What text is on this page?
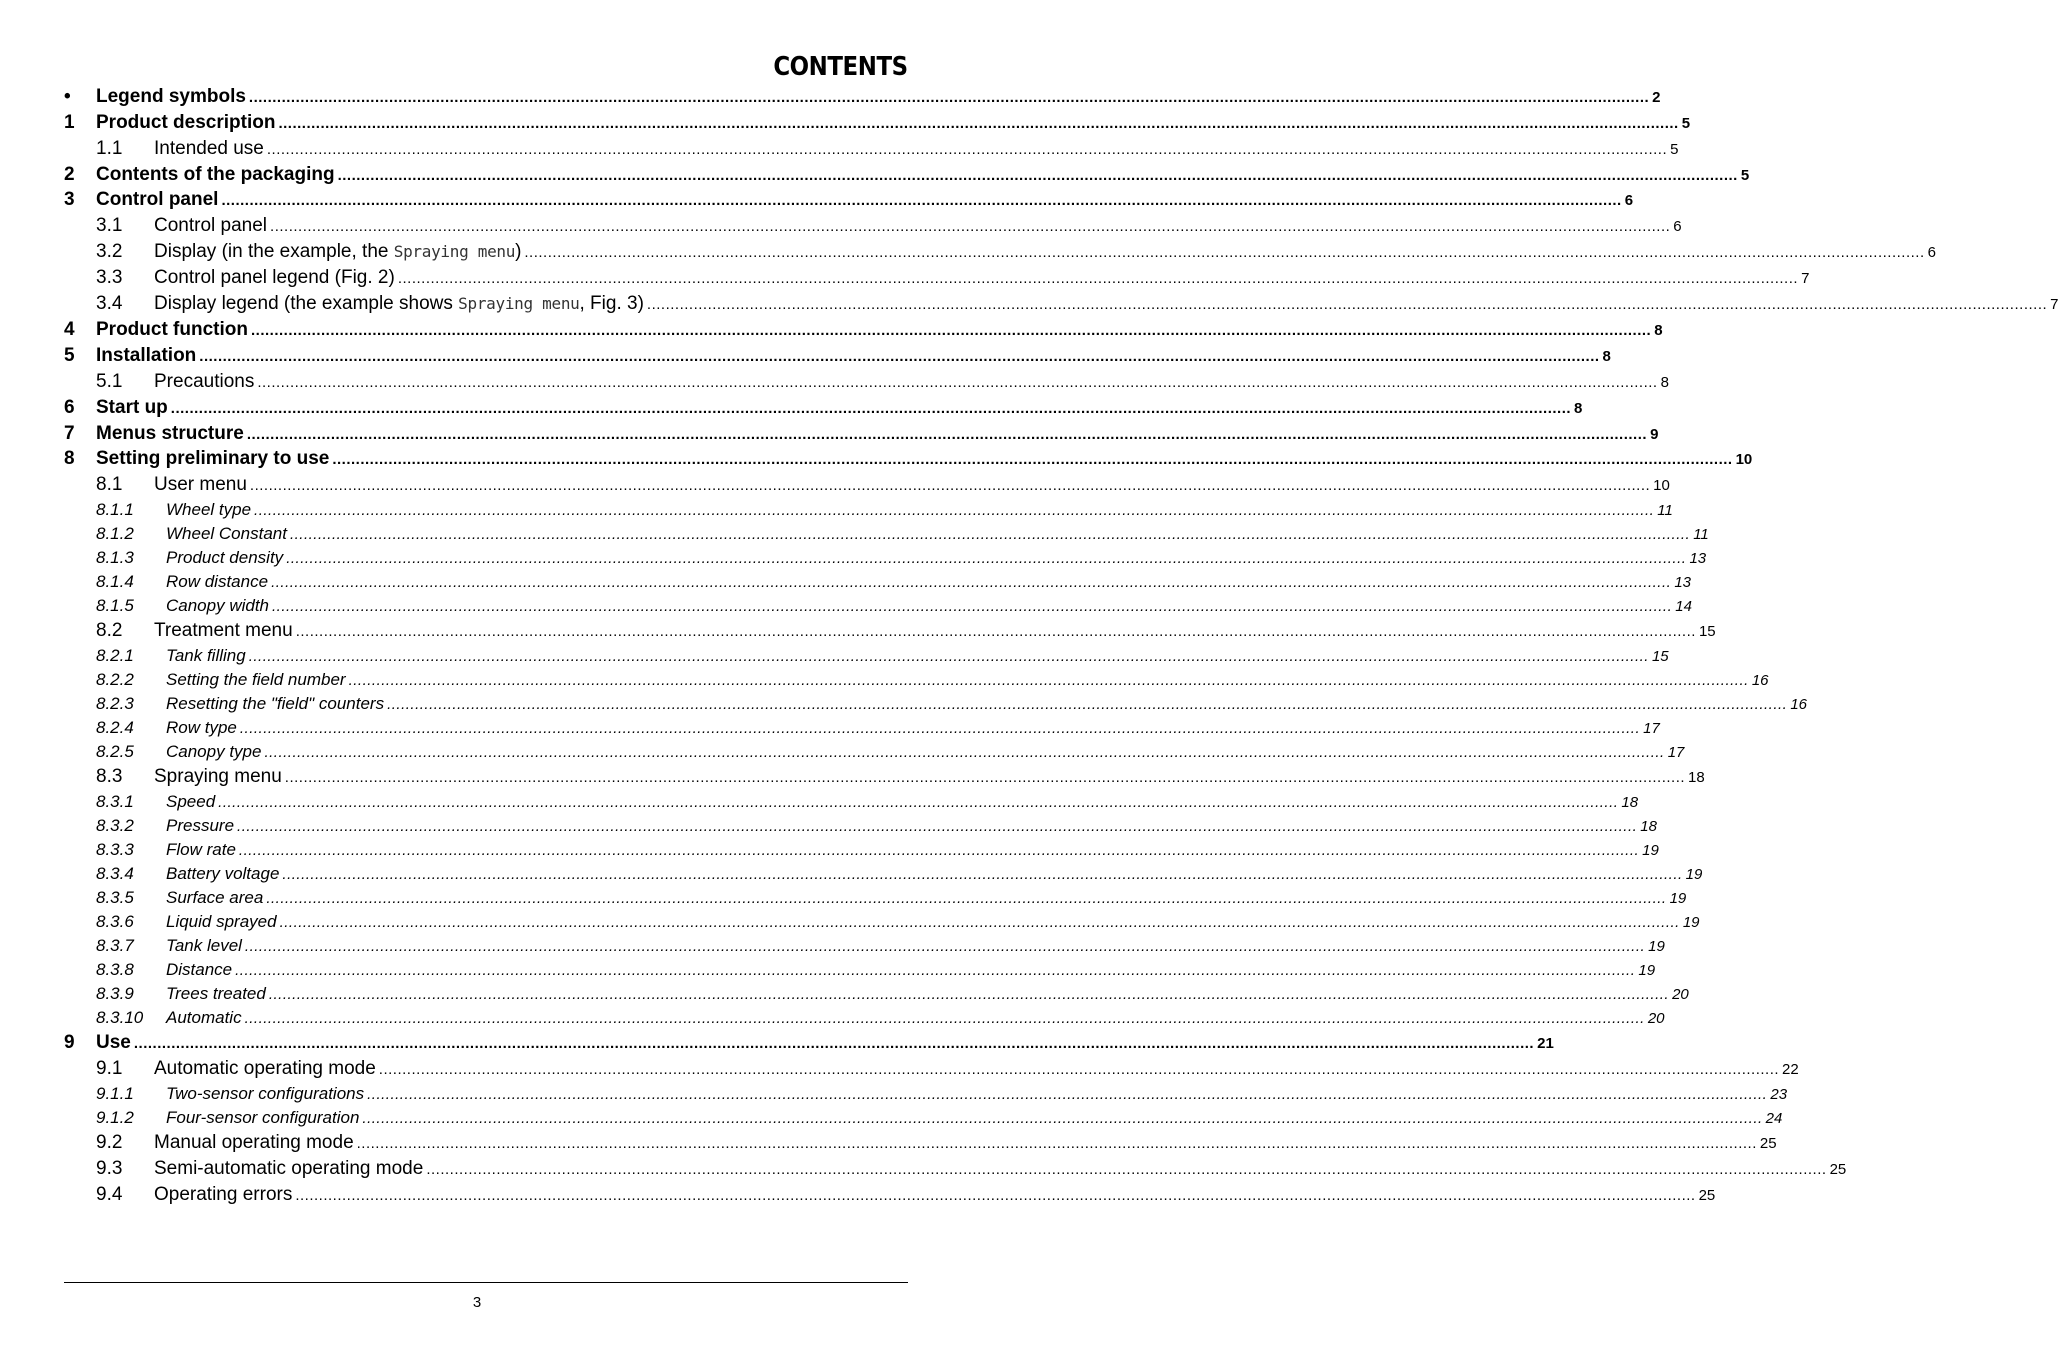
CONTENTS
•	Legend symbols ............................................................................................................................................................................................................................................................................................................ 2
1	Product description ............................................................................................................................................................................................................................................................................................................ 5
1.1	Intended use ............................................................................................................................................................................................................................................................................................................ 5
2	Contents of the packaging ............................................................................................................................................................................................................................................................................................................ 5
3	Control panel ............................................................................................................................................................................................................................................................................................................ 6
3.1	Control panel ............................................................................................................................................................................................................................................................................................................ 6
3.2	Display (in the example, the Spraying menu) ............................................................................................................................................................................................................................................................................................................ 6
3.3	Control panel legend (Fig. 2) ............................................................................................................................................................................................................................................................................................................ 7
3.4	Display legend (the example shows Spraying menu, Fig. 3) ............................................................................................................................................................................................................................................................................................................ 7
4	Product function ............................................................................................................................................................................................................................................................................................................ 8
5	Installation ............................................................................................................................................................................................................................................................................................................ 8
5.1	Precautions ............................................................................................................................................................................................................................................................................................................ 8
6	Start up ............................................................................................................................................................................................................................................................................................................ 8
7	Menus structure ............................................................................................................................................................................................................................................................................................................ 9
8	Setting preliminary to use ............................................................................................................................................................................................................................................................................................................ 10
8.1	User menu ............................................................................................................................................................................................................................................................................................................ 10
8.1.1	Wheel type ............................................................................................................................................................................................................................................................................................................ 11
8.1.2	Wheel Constant ............................................................................................................................................................................................................................................................................................................ 11
8.1.3	Product density ............................................................................................................................................................................................................................................................................................................ 13
8.1.4	Row distance ............................................................................................................................................................................................................................................................................................................ 13
8.1.5	Canopy width ............................................................................................................................................................................................................................................................................................................ 14
8.2	Treatment menu ............................................................................................................................................................................................................................................................................................................ 15
8.2.1	Tank filling ............................................................................................................................................................................................................................................................................................................ 15
8.2.2	Setting the field number ............................................................................................................................................................................................................................................................................................................ 16
8.2.3	Resetting the "field" counters ............................................................................................................................................................................................................................................................................................................ 16
8.2.4	Row type ............................................................................................................................................................................................................................................................................................................ 17
8.2.5	Canopy type ............................................................................................................................................................................................................................................................................................................ 17
8.3	Spraying menu ............................................................................................................................................................................................................................................................................................................ 18
8.3.1	Speed ............................................................................................................................................................................................................................................................................................................ 18
8.3.2	Pressure ............................................................................................................................................................................................................................................................................................................ 18
8.3.3	Flow rate ............................................................................................................................................................................................................................................................................................................ 19
8.3.4	Battery voltage ............................................................................................................................................................................................................................................................................................................ 19
8.3.5	Surface area ............................................................................................................................................................................................................................................................................................................ 19
8.3.6	Liquid sprayed ............................................................................................................................................................................................................................................................................................................ 19
8.3.7	Tank level ............................................................................................................................................................................................................................................................................................................ 19
8.3.8	Distance ............................................................................................................................................................................................................................................................................................................ 19
8.3.9	Trees treated ............................................................................................................................................................................................................................................................................................................ 20
8.3.10	Automatic ............................................................................................................................................................................................................................................................................................................ 20
9	Use ............................................................................................................................................................................................................................................................................................................ 21
9.1	Automatic operating mode ............................................................................................................................................................................................................................................................................................................ 22
9.1.1	Two-sensor configurations ............................................................................................................................................................................................................................................................................................................ 23
9.1.2	Four-sensor configuration ............................................................................................................................................................................................................................................................................................................ 24
9.2	Manual operating mode ............................................................................................................................................................................................................................................................................................................ 25
9.3	Semi-automatic operating mode ............................................................................................................................................................................................................................................................................................................ 25
9.4	Operating errors ............................................................................................................................................................................................................................................................................................................ 25
3
